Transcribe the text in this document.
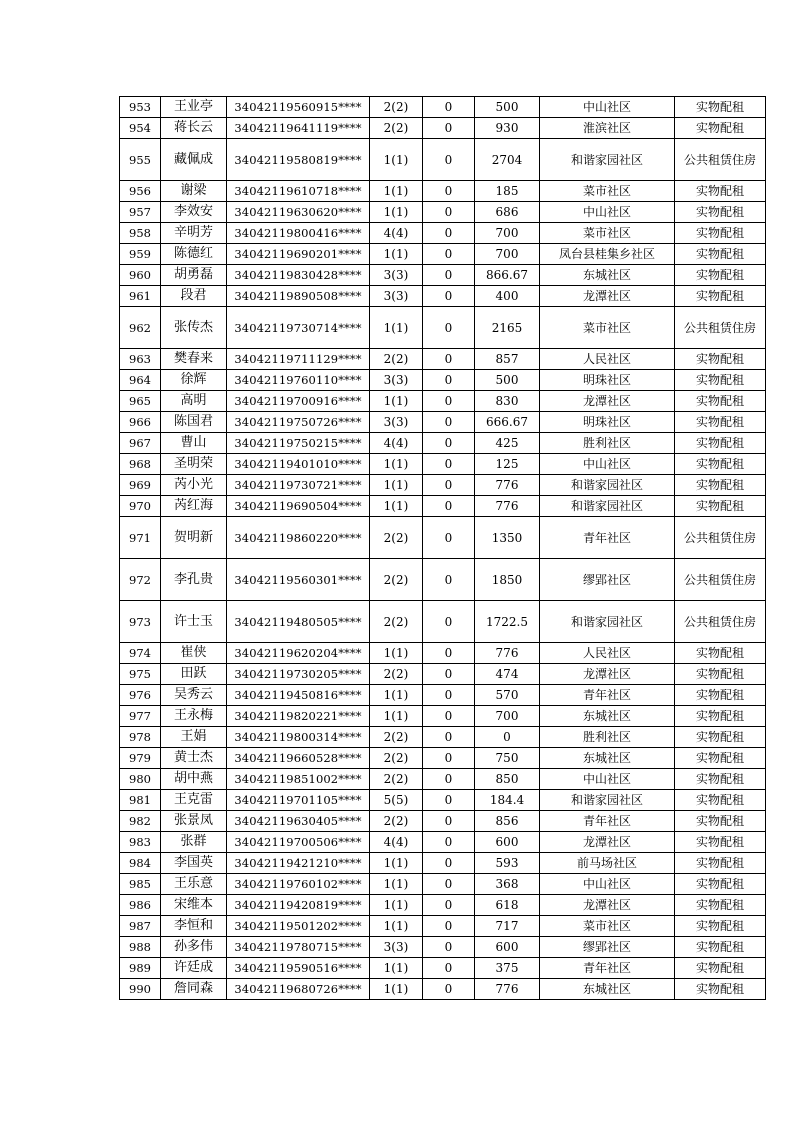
953	王业亭	34042119560915****	2(2)	0	500	中山社区	实物配租
954	蒋长云	34042119641119****	2(2)	0	930	淮滨社区	实物配租
955	藏佩成	34042119580819****	1(1)	0	2704	和谐家园社区	公共租赁住房
956	谢梁	34042119610718****	1(1)	0	185	菜市社区	实物配租
957	李效安	34042119630620****	1(1)	0	686	中山社区	实物配租
958	辛明芳	34042119800416****	4(4)	0	700	菜市社区	实物配租
959	陈德红	34042119690201****	1(1)	0	700	凤台县桂集乡社区	实物配租
960	胡勇磊	34042119830428****	3(3)	0	866.67	东城社区	实物配租
961	段君	34042119890508****	3(3)	0	400	龙潭社区	实物配租
962	张传杰	34042119730714****	1(1)	0	2165	菜市社区	公共租赁住房
963	樊春来	34042119711129****	2(2)	0	857	人民社区	实物配租
964	徐辉	34042119760110****	3(3)	0	500	明珠社区	实物配租
965	高明	34042119700916****	1(1)	0	830	龙潭社区	实物配租
966	陈国君	34042119750726****	3(3)	0	666.67	明珠社区	实物配租
967	曹山	34042119750215****	4(4)	0	425	胜利社区	实物配租
968	圣明荣	34042119401010****	1(1)	0	125	中山社区	实物配租
969	芮小光	34042119730721****	1(1)	0	776	和谐家园社区	实物配租
970	芮红海	34042119690504****	1(1)	0	776	和谐家园社区	实物配租
971	贺明新	34042119860220****	2(2)	0	1350	青年社区	公共租赁住房
972	李孔贵	34042119560301****	2(2)	0	1850	缪郢社区	公共租赁住房
973	许士玉	34042119480505****	2(2)	0	1722.5	和谐家园社区	公共租赁住房
974	崔侠	34042119620204****	1(1)	0	776	人民社区	实物配租
975	田跃	34042119730205****	2(2)	0	474	龙潭社区	实物配租
976	吴秀云	34042119450816****	1(1)	0	570	青年社区	实物配租
977	王永梅	34042119820221****	1(1)	0	700	东城社区	实物配租
978	王娟	34042119800314****	2(2)	0	0	胜利社区	实物配租
979	黄士杰	34042119660528****	2(2)	0	750	东城社区	实物配租
980	胡中燕	34042119851002****	2(2)	0	850	中山社区	实物配租
981	王克雷	34042119701105****	5(5)	0	184.4	和谐家园社区	实物配租
982	张景凤	34042119630405****	2(2)	0	856	青年社区	实物配租
983	张群	34042119700506****	4(4)	0	600	龙潭社区	实物配租
984	李国英	34042119421210****	1(1)	0	593	前马场社区	实物配租
985	王乐意	34042119760102****	1(1)	0	368	中山社区	实物配租
986	宋维本	34042119420819****	1(1)	0	618	龙潭社区	实物配租
987	李恒和	34042119501202****	1(1)	0	717	菜市社区	实物配租
988	孙多伟	34042119780715****	3(3)	0	600	缪郢社区	实物配租
989	许廷成	34042119590516****	1(1)	0	375	青年社区	实物配租
990	詹同森	34042119680726****	1(1)	0	776	东城社区	实物配租
